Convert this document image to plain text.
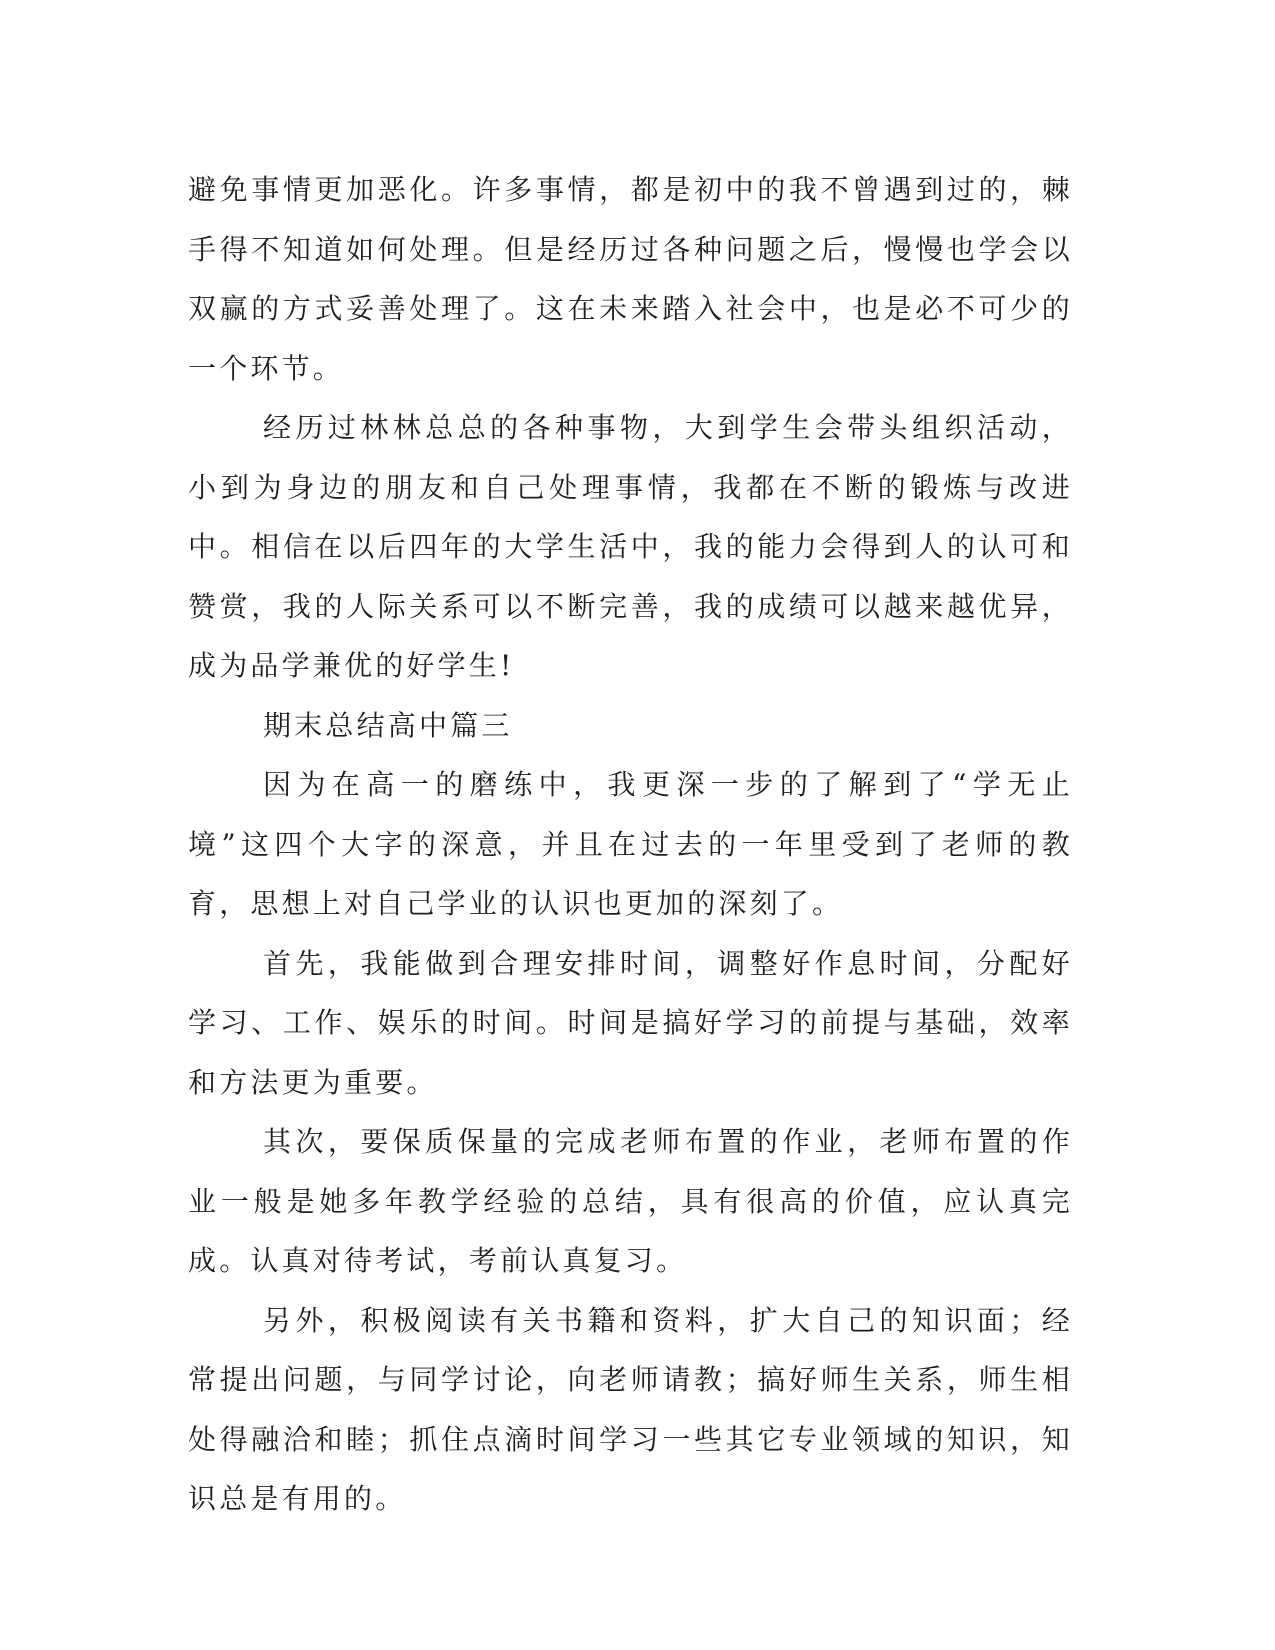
避免事情更加恶化。许多事情，都是初中的我不曾遇到过的，棘手得不知道如何处理。但是经历过各种问题之后，慢慢也学会以双赢的方式妥善处理了。这在未来踏入社会中，也是必不可少的一个环节。

经历过林林总总的各种事物，大到学生会带头组织活动，小到为身边的朋友和自己处理事情，我都在不断的锻炼与改进中。相信在以后四年的大学生活中，我的能力会得到人的认可和赞赏，我的人际关系可以不断完善，我的成绩可以越来越优异，成为品学兼优的好学生!

期末总结高中篇三

因为在高一的磨练中，我更深一步的了解到了“学无止境”这四个大字的深意，并且在过去的一年里受到了老师的教育，思想上对自己学业的认识也更加的深刻了。

首先，我能做到合理安排时间，调整好作息时间，分配好学习、工作、娱乐的时间。时间是搞好学习的前提与基础，效率和方法更为重要。

其次，要保质保量的完成老师布置的作业，老师布置的作业一般是她多年教学经验的总结，具有很高的价值，应认真完成。认真对待考试，考前认真复习。

另外，积极阅读有关书籍和资料，扩大自己的知识面；经常提出问题，与同学讨论，向老师请教；搞好师生关系，师生相处得融洽和睦；抓住点滴时间学习一些其它专业领域的知识，知识总是有用的。
